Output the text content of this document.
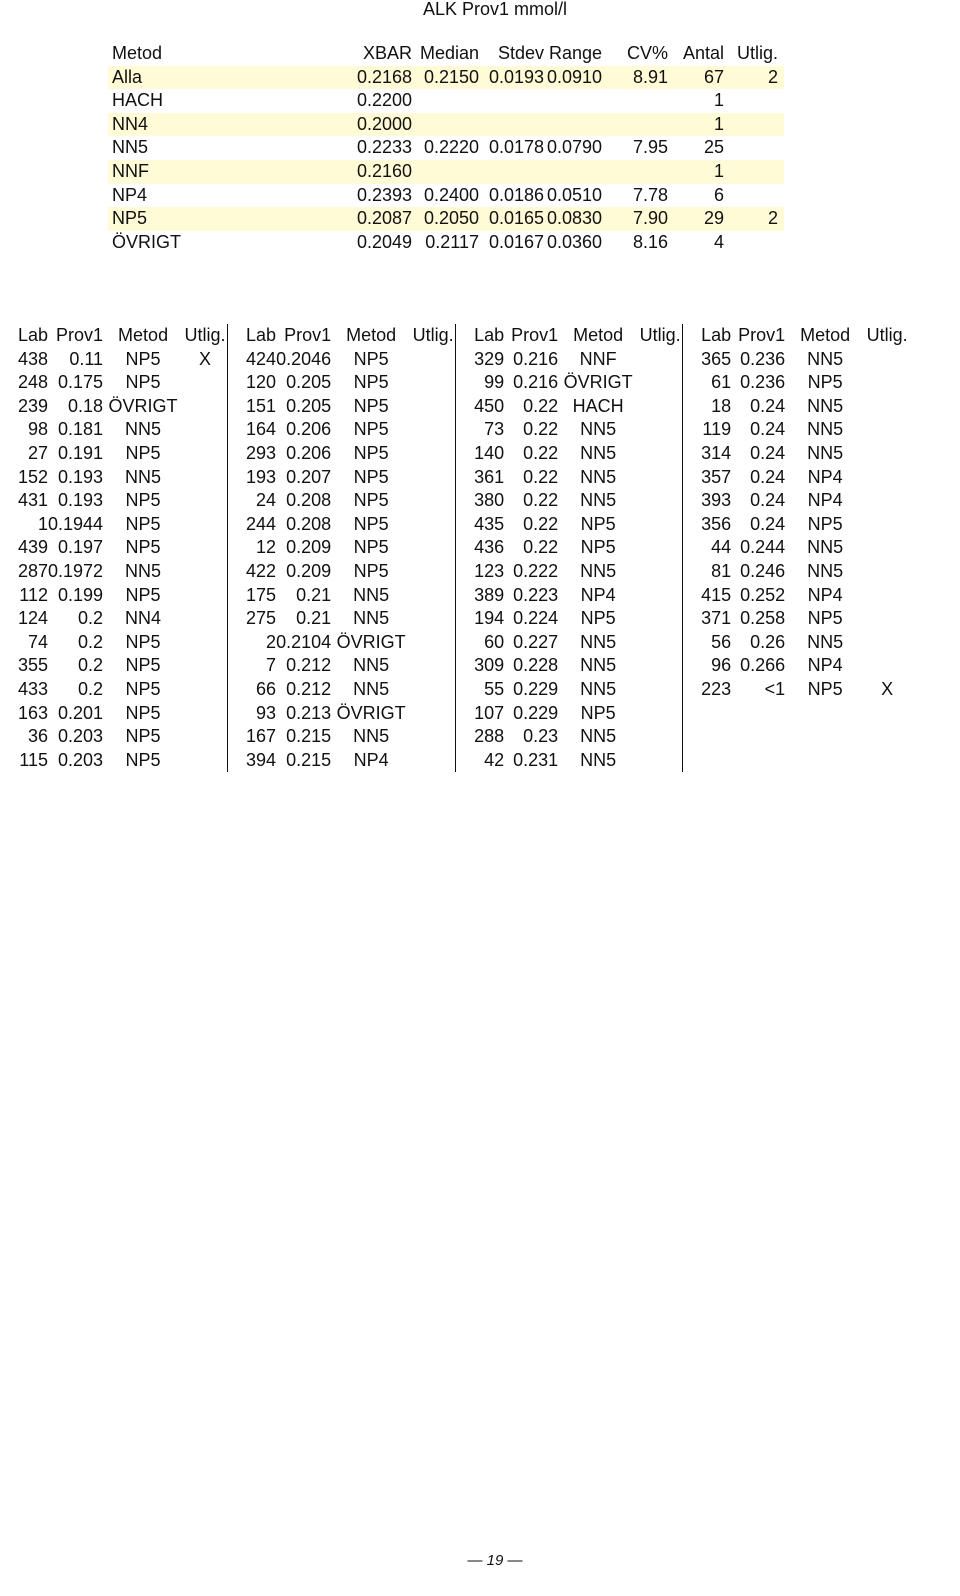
ALK Prov1 mmol/l
Metod	XBAR	Median	Stdev	Range	CV%	Antal	Utlig.
Alla	0.2168	0.2150	0.0193	0.0910	8.91	67	2
HACH	0.2200					1	
NN4	0.2000					1	
NN5	0.2233	0.2220	0.0178	0.0790	7.95	25	
NNF	0.2160					1	
NP4	0.2393	0.2400	0.0186	0.0510	7.78	6	
NP5	0.2087	0.2050	0.0165	0.0830	7.90	29	2
ÖVRIGT	0.2049	0.2117	0.0167	0.0360	8.16	4	
Lab	Prov1	Metod	Utlig.	Lab	Prov1	Metod	Utlig.	Lab	Prov1	Metod	Utlig.	Lab	Prov1	Metod	Utlig.
438	0.11	NP5	X	424	0.2046	NP5		329	0.216	NNF		365	0.236	NN5	
248	0.175	NP5		120	0.205	NP5		99	0.216	ÖVRIGT		61	0.236	NP5	
239	0.18	ÖVRIGT		151	0.205	NP5		450	0.22	HACH		18	0.24	NN5	
98	0.181	NN5		164	0.206	NP5		73	0.22	NN5		119	0.24	NN5	
27	0.191	NP5		293	0.206	NP5		140	0.22	NN5		314	0.24	NN5	
152	0.193	NN5		193	0.207	NP5		361	0.22	NN5		357	0.24	NP4	
431	0.193	NP5		24	0.208	NP5		380	0.22	NN5		393	0.24	NP4	
1	0.1944	NP5		244	0.208	NP5		435	0.22	NP5		356	0.24	NP5	
439	0.197	NP5		12	0.209	NP5		436	0.22	NP5		44	0.244	NN5	
287	0.1972	NN5		422	0.209	NP5		123	0.222	NN5		81	0.246	NN5	
112	0.199	NP5		175	0.21	NN5		389	0.223	NP4		415	0.252	NP4	
124	0.2	NN4		275	0.21	NN5		194	0.224	NP5		371	0.258	NP5	
74	0.2	NP5		2	0.2104	ÖVRIGT		60	0.227	NN5		56	0.26	NN5	
355	0.2	NP5		7	0.212	NN5		309	0.228	NN5		96	0.266	NP4	
433	0.2	NP5		66	0.212	NN5		55	0.229	NN5		223	<1	NP5	X
163	0.201	NP5		93	0.213	ÖVRIGT		107	0.229	NP5					
36	0.203	NP5		167	0.215	NN5		288	0.23	NN5					
115	0.203	NP5		394	0.215	NP4		42	0.231	NN5					
— 19 —
